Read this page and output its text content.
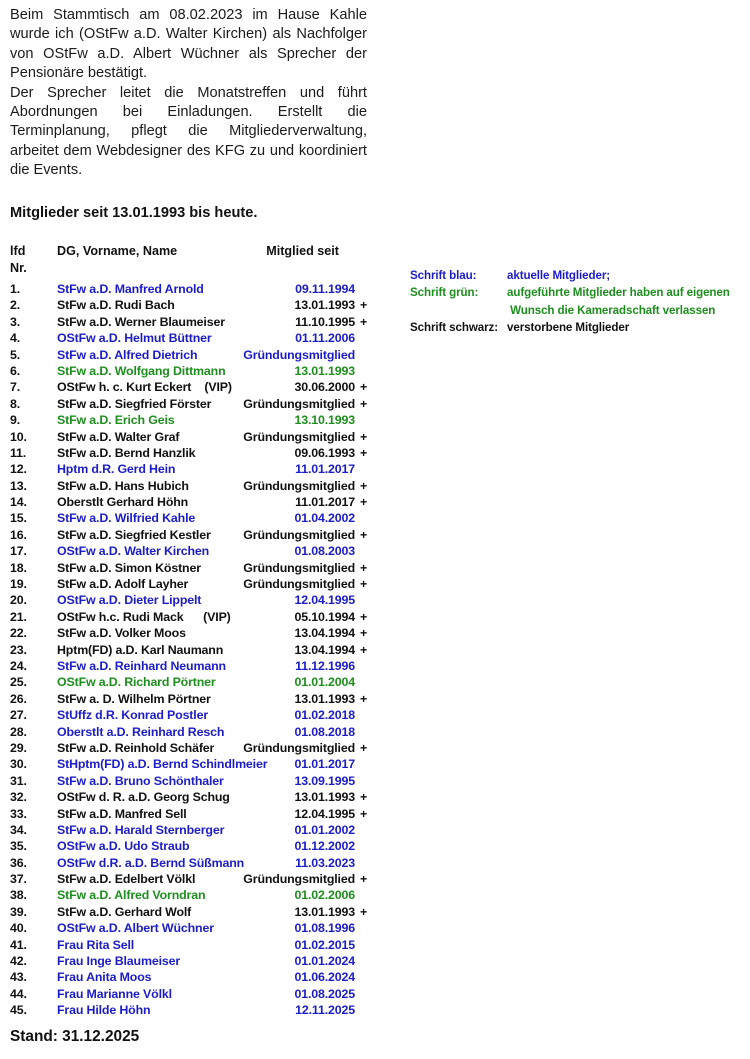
Beim Stammtisch am 08.02.2023 im Hause Kahle wurde ich (OStFw a.D. Walter Kirchen) als Nachfolger von OStFw a.D. Albert Wüchner als Sprecher der Pensionäre bestätigt.

Der Sprecher leitet die Monatstreffen und führt Abordnungen bei Einladungen. Erstellt die Terminplanung, pflegt die Mitgliederverwaltung, arbeitet dem Webdesigner des KFG zu und koordiniert die Events.

Mitglieder seit 13.01.1993 bis heute.
lfd
Nr.
DG, Vorname, Name	Mitglied seit
1.	StFw a.D. Manfred Arnold	09.11.1994
2.	StFw a.D. Rudi Bach	13.01.1993 +
3.	StFw a.D. Werner Blaumeiser	11.10.1995 +
4.	OStFw a.D. Helmut Büttner	01.11.2006
5.	StFw a.D. Alfred Dietrich	Gründungsmitglied
6.	StFw a.D. Wolfgang Dittmann	13.01.1993
7.	OStFw h. c. Kurt Eckert    (VIP)	30.06.2000 +
8.	StFw a.D. Siegfried Förster	Gründungsmitglied +
9.	StFw a.D. Erich Geis	13.10.1993
10.	StFw a.D. Walter Graf	Gründungsmitglied +
11.	StFw a.D. Bernd Hanzlik	09.06.1993 +
12.	Hptm d.R. Gerd Hein	11.01.2017
13.	StFw a.D. Hans Hubich	Gründungsmitglied +
14.	Oberstlt Gerhard Höhn	11.01.2017 +
15.	StFw a.D. Wilfried Kahle	01.04.2002
16.	StFw a.D. Siegfried Kestler	Gründungsmitglied +
17.	OStFw a.D. Walter Kirchen	01.08.2003
18.	StFw a.D. Simon Köstner	Gründungsmitglied +
19.	StFw a.D. Adolf Layher	Gründungsmitglied +
20.	OStFw a.D. Dieter Lippelt	12.04.1995
21.	OStFw h.c. Rudi Mack      (VIP)	05.10.1994 +
22.	StFw a.D. Volker Moos	13.04.1994 +
23.	Hptm(FD) a.D. Karl Naumann	13.04.1994 +
24.	StFw a.D. Reinhard Neumann	11.12.1996
25.	OStFw a.D. Richard Pörtner	01.01.2004
26.	StFw a. D. Wilhelm Pörtner	13.01.1993 +
27.	StUffz d.R. Konrad Postler	01.02.2018
28.	Oberstlt a.D. Reinhard Resch	01.08.2018
29.	StFw a.D. Reinhold Schäfer	Gründungsmitglied +
30.	StHptm(FD) a.D. Bernd Schindlmeier	01.01.2017
31.	StFw a.D. Bruno Schönthaler	13.09.1995
32.	OStFw d. R. a.D. Georg Schug	13.01.1993 +
33.	StFw a.D. Manfred Sell	12.04.1995 +
34.	StFw a.D. Harald Sternberger	01.01.2002
35.	OStFw a.D. Udo Straub	01.12.2002
36.	OStFw d.R. a.D. Bernd Süßmann	11.03.2023
37.	StFw a.D. Edelbert Völkl	Gründungsmitglied +
38.	StFw a.D. Alfred Vorndran	01.02.2006
39.	StFw a.D. Gerhard Wolf	13.01.1993 +
40.	OStFw a.D. Albert Wüchner	01.08.1996
41.	Frau Rita Sell	01.02.2015
42.	Frau Inge Blaumeiser	01.01.2024
43.	Frau Anita Moos	01.06.2024
44.	Frau Marianne Völkl	01.08.2025
45.	Frau Hilde Höhn	12.11.2025
Schrift blau:	aktuelle Mitglieder;
Schrift grün:	aufgeführte Mitglieder haben auf eigenen
Wunsch die Kameradschaft verlassen
Schrift schwarz: verstorbene Mitglieder
Stand: 31.12.2025
